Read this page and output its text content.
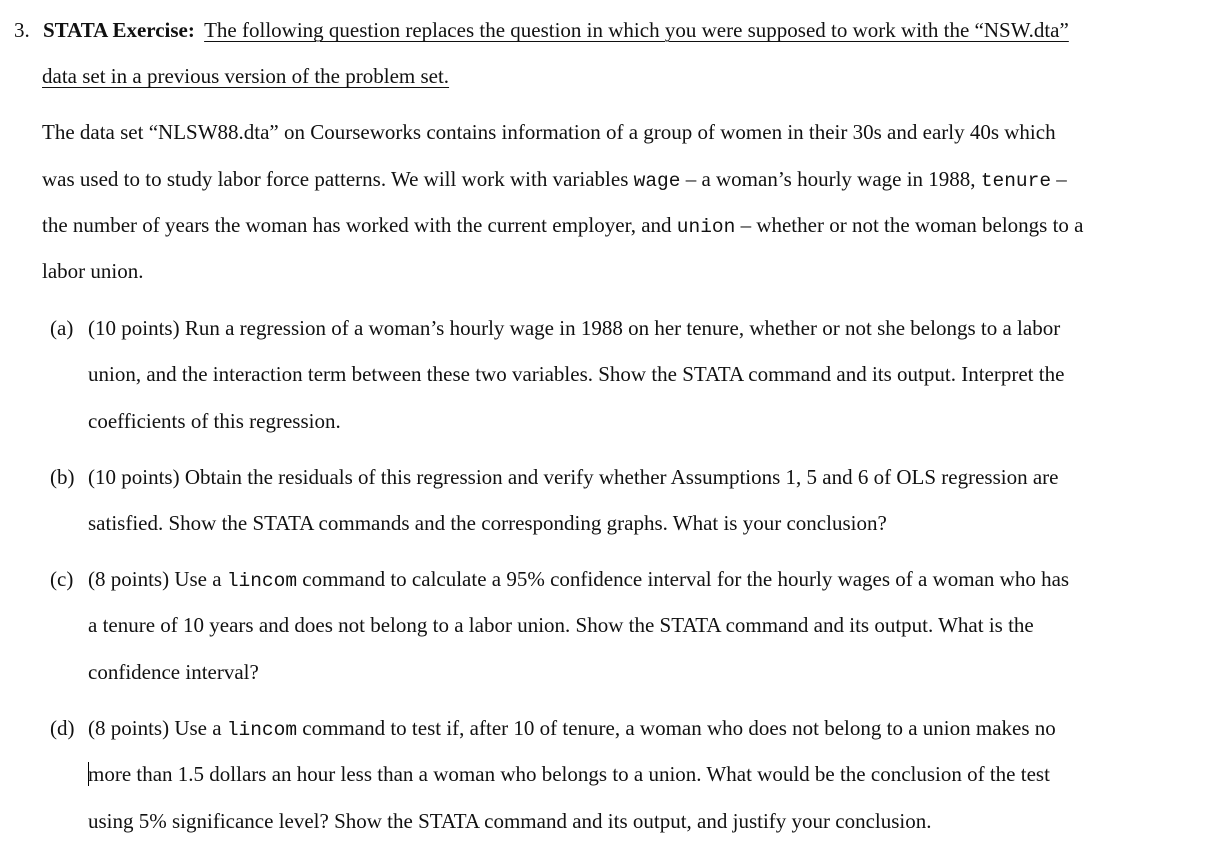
3. STATA Exercise: The following question replaces the question in which you were supposed to work with the “NSW.dta”
data set in a previous version of the problem set.
The data set “NLSW88.dta” on Courseworks contains information of a group of women in their 30s and early 40s which
was used to to study labor force patterns. We will work with variables wage – a woman’s hourly wage in 1988, tenure –
the number of years the woman has worked with the current employer, and union – whether or not the woman belongs to a
labor union.
(a) (10 points) Run a regression of a woman’s hourly wage in 1988 on her tenure, whether or not she belongs to a labor
union, and the interaction term between these two variables. Show the STATA command and its output. Interpret the
coefficients of this regression.
(b) (10 points) Obtain the residuals of this regression and verify whether Assumptions 1, 5 and 6 of OLS regression are
satisfied. Show the STATA commands and the corresponding graphs. What is your conclusion?
(c) (8 points) Use a lincom command to calculate a 95% confidence interval for the hourly wages of a woman who has
a tenure of 10 years and does not belong to a labor union. Show the STATA command and its output. What is the
confidence interval?
(d) (8 points) Use a lincom command to test if, after 10 of tenure, a woman who does not belong to a union makes no
more than 1.5 dollars an hour less than a woman who belongs to a union. What would be the conclusion of the test
using 5% significance level? Show the STATA command and its output, and justify your conclusion.
